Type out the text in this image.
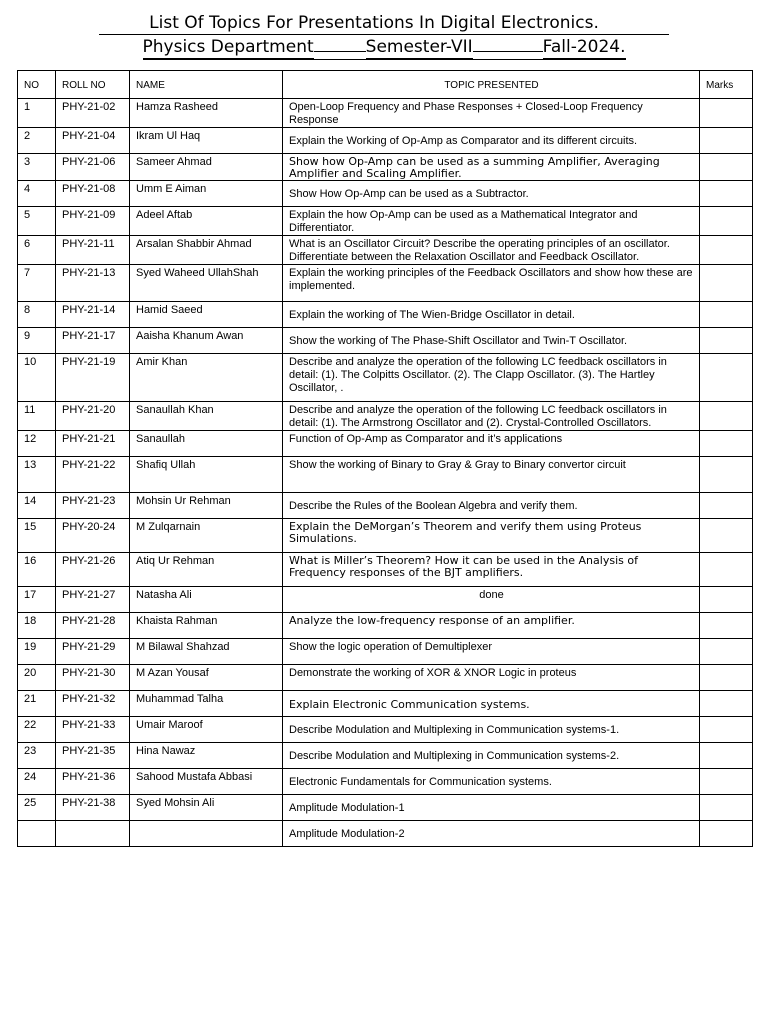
List Of Topics For Presentations In Digital Electronics.
Physics Department	Semester-VII	Fall-2024.
NO	ROLL NO	NAME	TOPIC PRESENTED	Marks
1	PHY-21-02	Hamza Rasheed	Open-Loop Frequency and Phase Responses + Closed-Loop Frequency Response	
2	PHY-21-04	Ikram Ul Haq	Explain the Working of Op-Amp as Comparator and its different circuits.	
3	PHY-21-06	Sameer Ahmad	Show how Op-Amp can be used as a summing Amplifier, Averaging Amplifier and Scaling Amplifier.	
4	PHY-21-08	Umm E Aiman	Show How Op-Amp can be used as a Subtractor.	
5	PHY-21-09	Adeel Aftab	Explain the how Op-Amp can be used as a Mathematical Integrator and Differentiator.	
6	PHY-21-11	Arsalan Shabbir Ahmad	What is an Oscillator Circuit? Describe the operating principles of an oscillator. Differentiate between the Relaxation Oscillator and Feedback Oscillator.	
7	PHY-21-13	Syed Waheed UllahShah	Explain the working principles of the Feedback Oscillators and show how these are implemented.	
8	PHY-21-14	Hamid Saeed	Explain the working of The Wien-Bridge Oscillator in detail.	
9	PHY-21-17	Aaisha Khanum Awan	Show the working of The Phase-Shift Oscillator and Twin-T Oscillator.	
10	PHY-21-19	Amir Khan	Describe and analyze the operation of the following LC feedback oscillators in detail: (1). The Colpitts Oscillator. (2). The Clapp Oscillator. (3). The Hartley Oscillator, .	
11	PHY-21-20	Sanaullah Khan	Describe and analyze the operation of the following LC feedback oscillators in detail: (1). The Armstrong Oscillator and (2). Crystal-Controlled Oscillators.	
12	PHY-21-21	Sanaullah	Function of Op-Amp as Comparator and it’s applications	
13	PHY-21-22	Shafiq Ullah	Show the working of Binary to Gray & Gray to Binary convertor circuit	
14	PHY-21-23	Mohsin Ur Rehman	Describe the Rules of the Boolean Algebra and verify them.	
15	PHY-20-24	M Zulqarnain	Explain the DeMorgan’s Theorem and verify them using Proteus Simulations.	
16	PHY-21-26	Atiq Ur Rehman	What is Miller’s Theorem? How it can be used in the Analysis of Frequency responses of the BJT amplifiers.	
17	PHY-21-27	Natasha Ali	done	
18	PHY-21-28	Khaista Rahman	Analyze the low-frequency response of an amplifier.	
19	PHY-21-29	M Bilawal Shahzad	Show the logic operation of Demultiplexer	
20	PHY-21-30	M Azan Yousaf	Demonstrate the working of XOR & XNOR Logic in proteus	
21	PHY-21-32	Muhammad Talha	Explain Electronic Communication systems.	
22	PHY-21-33	Umair Maroof	Describe Modulation and Multiplexing in Communication systems-1.	
23	PHY-21-35	Hina Nawaz	Describe Modulation and Multiplexing in Communication systems-2.	
24	PHY-21-36	Sahood Mustafa Abbasi	Electronic Fundamentals for Communication systems.	
25	PHY-21-38	Syed Mohsin Ali	Amplitude Modulation-1	
			Amplitude Modulation-2	
